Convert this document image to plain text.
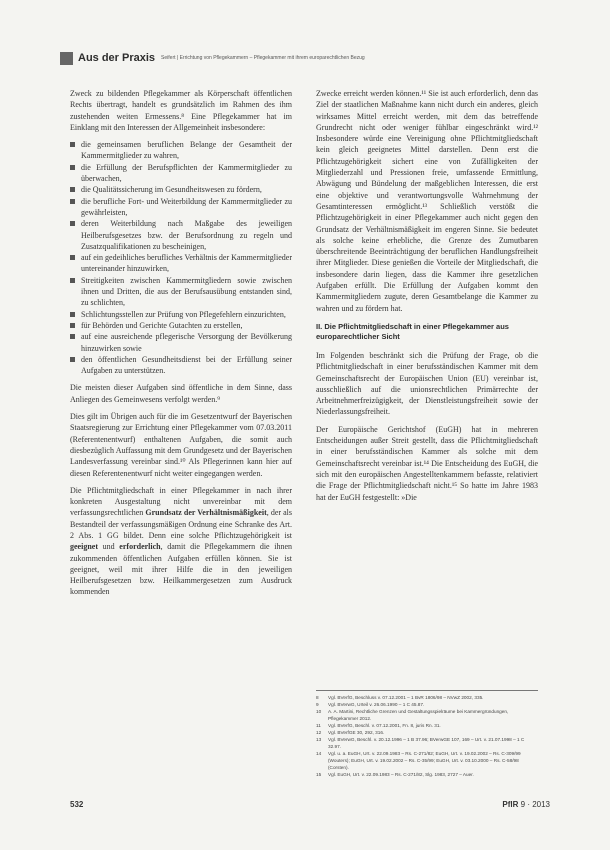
Aus der Praxis Seifert | Errichtung von Pflegekammern – Pflegekammer mit ihrem europarechtlichen Bezug

Zweck zu bildenden Pflegekammer als Körperschaft öffentlichen Rechts übertragt, handelt es grundsätzlich im Rahmen des ihm zustehenden weiten Ermessens.⁸ Eine Pflegekammer hat im Einklang mit den Interessen der Allgemeinheit insbesondere:

die gemeinsamen beruflichen Belange der Gesamtheit der Kammermitglieder zu wahren,
die Erfüllung der Berufspflichten der Kammermitglieder zu überwachen,
die Qualitätssicherung im Gesundheitswesen zu fördern,
die berufliche Fort- und Weiterbildung der Kammermitglieder zu gewährleisten,
deren Weiterbildung nach Maßgabe des jeweiligen Heilberufsgesetzes bzw. der Berufsordnung zu regeln und Zusatzqualifikationen zu bescheinigen,
auf ein gedeihliches berufliches Verhältnis der Kammermitglieder untereinander hinzuwirken,
Streitigkeiten zwischen Kammermitgliedern sowie zwischen ihnen und Dritten, die aus der Berufsausübung entstanden sind, zu schlichten,
Schlichtungsstellen zur Prüfung von Pflegefehlern einzurichten,
für Behörden und Gerichte Gutachten zu erstellen,
auf eine ausreichende pflegerische Versorgung der Bevölkerung hinzuwirken sowie
den öffentlichen Gesundheitsdienst bei der Erfüllung seiner Aufgaben zu unterstützen.

Die meisten dieser Aufgaben sind öffentliche in dem Sinne, dass Anliegen des Gemeinwesens verfolgt werden.⁹

Dies gilt im Übrigen auch für die im Gesetzentwurf der Bayerischen Staatsregierung zur Errichtung einer Pflegekammer vom 07.03.2011 (Referentenentwurf) enthaltenen Aufgaben, die somit auch diesbezüglich Auffassung mit dem Grundgesetz und der Bayerischen Landesverfassung vereinbar sind.¹⁰ Als Pflegerinnen kann hier auf diesen Referentenentwurf nicht weiter eingegangen werden.

Die Pflichtmitgliedschaft in einer Pflegekammer in nach ihrer konkreten Ausgestaltung nicht unvereinbar mit dem verfassungsrechtlichen Grundsatz der Verhältnismäßigkeit, der als Bestandteil der verfassungsmäßigen Ordnung eine Schranke des Art. 2 Abs. 1 GG bildet. Denn eine solche Pflichtzugehörigkeit ist geeignet und erforderlich, damit die Pflegekammern die ihnen zukommenden öffentlichen Aufgaben erfüllen können. Sie ist geeignet, weil mit ihrer Hilfe die in den jeweiligen Heilberufsgesetzen bzw. Heilkammergesetzen zum Ausdruck kommenden

Zwecke erreicht werden können.¹¹ Sie ist auch erforderlich, denn das Ziel der staatlichen Maßnahme kann nicht durch ein anderes, gleich wirksames Mittel erreicht werden, mit dem das betreffende Grundrecht nicht oder weniger fühlbar eingeschränkt wird.¹² Insbesondere würde eine Vereinigung ohne Pflichtmitgliedschaft kein gleich geeignetes Mittel darstellen. Denn erst die Pflichtzugehörigkeit sichert eine von Zufälligkeiten der Mitgliederzahl und Pressionen freie, umfassende Ermittlung, Abwägung und Bündelung der maßgeblichen Interessen, die erst eine objektive und verantwortungsvolle Wahrnehmung der Gesamtinteressen ermöglicht.¹³ Schließlich verstößt die Pflichtzugehörigkeit in einer Pflegekammer auch nicht gegen den Grundsatz der Verhältnismäßigkeit im engeren Sinne. Sie bedeutet als solche keine erhebliche, die Grenze des Zumutbaren überschreitende Beeinträchtigung der beruflichen Handlungsfreiheit ihrer Mitglieder. Diese genießen die Vorteile der Mitgliedschaft, die insbesondere darin liegen, dass die Kammer ihre gesetzlichen Aufgaben erfüllt. Die Erfüllung der Aufgaben kommt den Kammermitgliedern zugute, deren Gesamtbelange die Kammer zu wahren und zu fördern hat.

II. Die Pflichtmitgliedschaft in einer Pflegekammer aus europarechtlicher Sicht

Im Folgenden beschränkt sich die Prüfung der Frage, ob die Pflichtmitgliedschaft in einer berufsständischen Kammer mit dem Gemeinschaftsrecht der Europäischen Union (EU) vereinbar ist, ausschließlich auf die unionsrechtlichen Primärrechte der Arbeitnehmerfreizügigkeit, der Dienstleistungsfreiheit sowie der Niederlassungsfreiheit.

Der Europäische Gerichtshof (EuGH) hat in mehreren Entscheidungen außer Streit gestellt, dass die Pflichtmitgliedschaft in einer berufsständischen Kammer als solche mit dem Gemeinschaftsrecht vereinbar ist.¹⁴ Die Entscheidung des EuGH, die sich mit den europäischen Angestelltenkammern befasste, relativiert die Frage der Pflichtmitgliedschaft nicht.¹⁵ So hatte im Jahre 1983 hat der EuGH festgestellt: »Die

8	Vgl. BVerfG, Beschluss v. 07.12.2001 – 1 BvR 1806/98 – NVwZ 2002, 335.
9	Vgl. BVerwG, Urteil v. 26.06.1990 – 1 C 45.87.
10	A. A. Martini, Rechtliche Grenzen und Gestaltungsspielräume bei Kammergründungen, Pflegekammer 2012.
11	Vgl. BVerfG, Beschl. v. 07.12.2001, Fn. 8, juris Rn. 31.
12	Vgl. BVerfGE 30, 292, 316.
13	Vgl. BVerwG, Beschl. v. 20.12.1996 – 1 B 37.96; BVerwGE 107, 169 – Urt. v. 21.07.1998 – 1 C 32.97.
14	Vgl. u. a. EuGH, Urt. v. 22.09.1983 – Rs. C-271/82; EuGH, Urt. v. 19.02.2002 – Rs. C-309/99 (Wouters); EuGH, Urt. v. 19.02.2002 – Rs. C-35/99; EuGH, Urt. v. 03.10.2000 – Rs. C-58/98 (Corsten).
15	Vgl. EuGH, Urt. v. 22.09.1983 – Rs. C-271/82, Slg. 1983, 2727 – Auer.
532	PflR 9 · 2013
